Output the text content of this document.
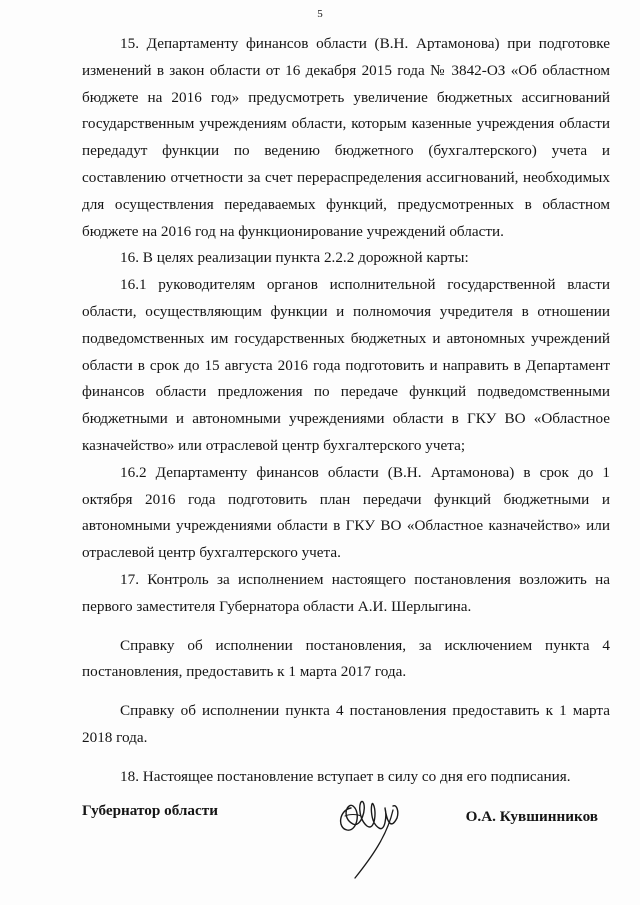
5

15. Департаменту финансов области (В.Н. Артамонова) при подготовке изменений в закон области от 16 декабря 2015 года № 3842-ОЗ «Об областном бюджете на 2016 год» предусмотреть увеличение бюджетных ассигнований государственным учреждениям области, которым казенные учреждения области передадут функции по ведению бюджетного (бухгалтерского) учета и составлению отчетности за счет перераспределения ассигнований, необходимых для осуществления передаваемых функций, предусмотренных в областном бюджете на 2016 год на функционирование учреждений области.

16. В целях реализации пункта 2.2.2 дорожной карты:

16.1 руководителям органов исполнительной государственной власти области, осуществляющим функции и полномочия учредителя в отношении подведомственных им государственных бюджетных и автономных учреждений области в срок до 15 августа 2016 года подготовить и направить в Департамент финансов области предложения по передаче функций подведомственными бюджетными и автономными учреждениями области в ГКУ ВО «Областное казначейство» или отраслевой центр бухгалтерского учета;

16.2 Департаменту финансов области (В.Н. Артамонова) в срок до 1 октября 2016 года подготовить план передачи функций бюджетными и автономными учреждениями области в ГКУ ВО «Областное казначейство» или отраслевой центр бухгалтерского учета.

17. Контроль за исполнением настоящего постановления возложить на первого заместителя Губернатора области А.И. Шерлыгина.

Справку об исполнении постановления, за исключением пункта 4 постановления, предоставить к 1 марта 2017 года.

Справку об исполнении пункта 4 постановления предоставить к 1 марта 2018 года.

18. Настоящее постановление вступает в силу со дня его подписания.

Губернатор области	О.А. Кувшинников
